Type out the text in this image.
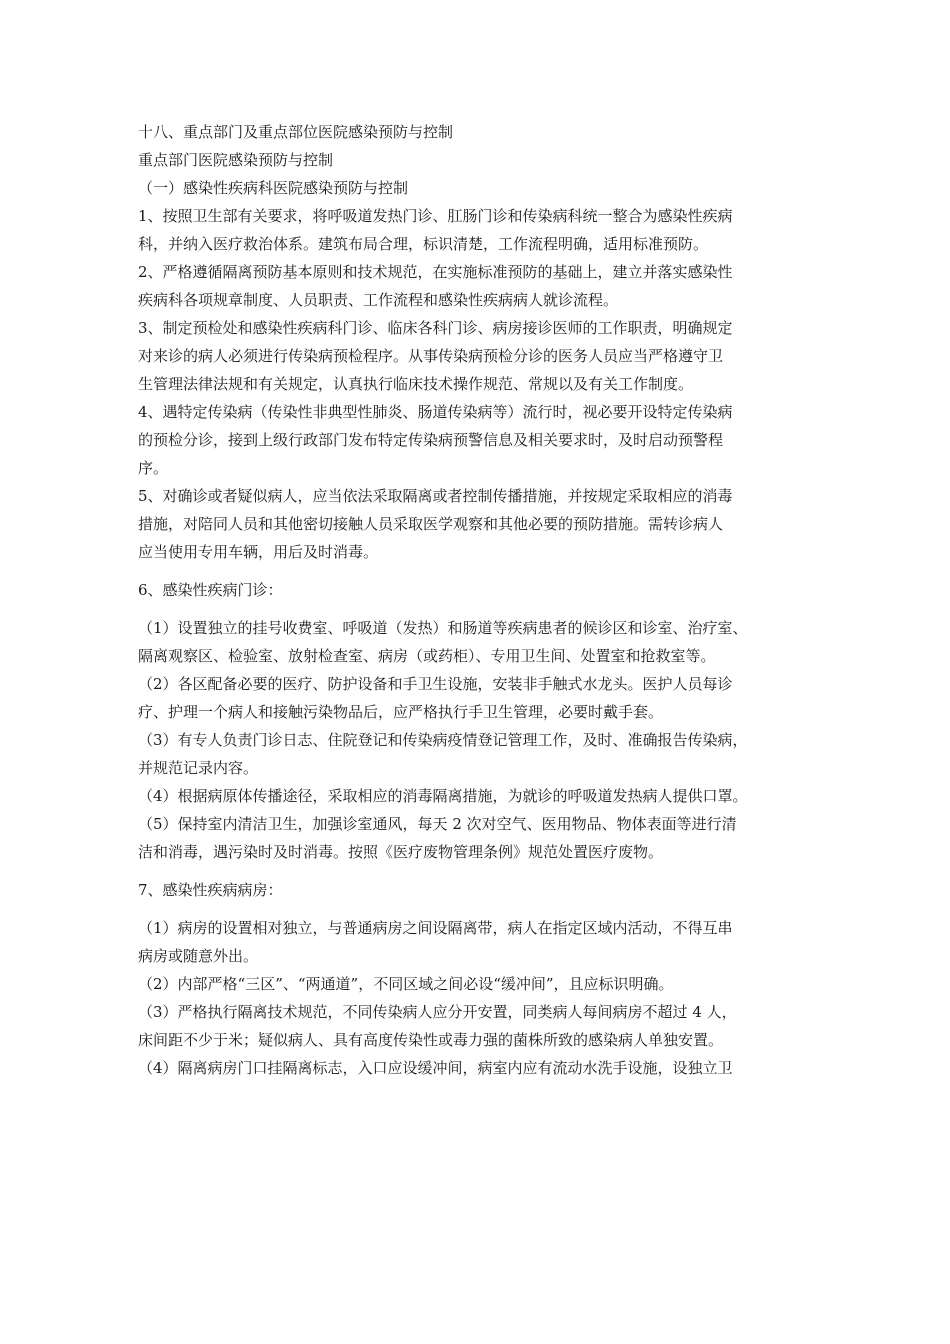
十八、重点部门及重点部位医院感染预防与控制
重点部门医院感染预防与控制
（一）感染性疾病科医院感染预防与控制
1、按照卫生部有关要求，将呼吸道发热门诊、肛肠门诊和传染病科统一整合为感染性疾病
科，并纳入医疗救治体系。建筑布局合理，标识清楚，工作流程明确，适用标准预防。
2、严格遵循隔离预防基本原则和技术规范，在实施标准预防的基础上，建立并落实感染性
疾病科各项规章制度、人员职责、工作流程和感染性疾病病人就诊流程。
3、制定预检处和感染性疾病科门诊、临床各科门诊、病房接诊医师的工作职责，明确规定
对来诊的病人必须进行传染病预检程序。从事传染病预检分诊的医务人员应当严格遵守卫
生管理法律法规和有关规定，认真执行临床技术操作规范、常规以及有关工作制度。
4、遇特定传染病（传染性非典型性肺炎、肠道传染病等）流行时，视必要开设特定传染病
的预检分诊，接到上级行政部门发布特定传染病预警信息及相关要求时，及时启动预警程
序。
5、对确诊或者疑似病人，应当依法采取隔离或者控制传播措施，并按规定采取相应的消毒
措施，对陪同人员和其他密切接触人员采取医学观察和其他必要的预防措施。需转诊病人
应当使用专用车辆，用后及时消毒。
6、感染性疾病门诊：
（1）设置独立的挂号收费室、呼吸道（发热）和肠道等疾病患者的候诊区和诊室、治疗室、
隔离观察区、检验室、放射检查室、病房（或药柜）、专用卫生间、处置室和抢救室等。
（2）各区配备必要的医疗、防护设备和手卫生设施，安装非手触式水龙头。医护人员每诊
疗、护理一个病人和接触污染物品后，应严格执行手卫生管理，必要时戴手套。
（3）有专人负责门诊日志、住院登记和传染病疫情登记管理工作，及时、准确报告传染病，
并规范记录内容。
（4）根据病原体传播途径，采取相应的消毒隔离措施，为就诊的呼吸道发热病人提供口罩。
（5）保持室内清洁卫生，加强诊室通风，每天 2 次对空气、医用物品、物体表面等进行清
洁和消毒，遇污染时及时消毒。按照《医疗废物管理条例》规范处置医疗废物。
7、感染性疾病病房：
（1）病房的设置相对独立，与普通病房之间设隔离带，病人在指定区域内活动，不得互串
病房或随意外出。
（2）内部严格“三区”、“两通道”，不同区域之间必设“缓冲间”，且应标识明确。
（3）严格执行隔离技术规范，不同传染病人应分开安置，同类病人每间病房不超过 4 人，
床间距不少于米；疑似病人、具有高度传染性或毒力强的菌株所致的感染病人单独安置。
（4）隔离病房门口挂隔离标志，入口应设缓冲间，病室内应有流动水洗手设施，设独立卫
